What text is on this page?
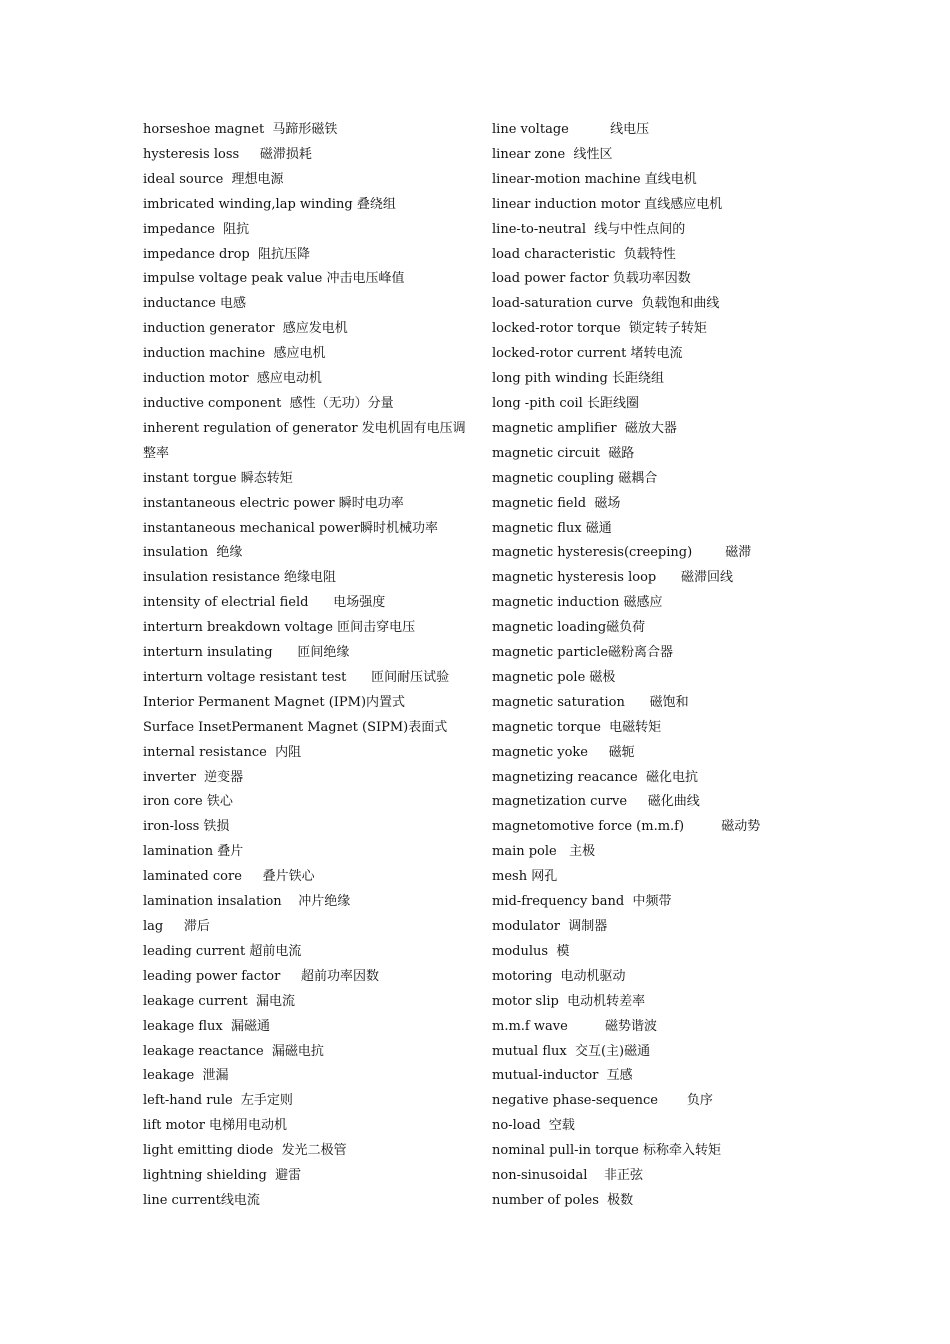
horseshoe magnet  马蹄形磁铁
hysteresis loss     磁滞损耗
ideal source  理想电源
imbricated winding,lap winding 叠绕组
impedance  阻抗
impedance drop  阻抗压降
impulse voltage peak value 冲击电压峰值
inductance 电感
induction generator  感应发电机
induction machine  感应电机
induction motor  感应电动机
inductive component  感性（无功）分量
inherent regulation of generator 发电机固有电压调整率
instant torgue 瞬态转矩
instantaneous electric power 瞬时电功率
instantaneous mechanical power瞬时机械功率
insulation  绝缘
insulation resistance 绝缘电阻
intensity of electrial field      电场强度
interturn breakdown voltage 匝间击穿电压
interturn insulating      匝间绝缘
interturn voltage resistant test      匝间耐压试验
Interior Permanent Magnet (IPM)内置式
Surface InsetPermanent Magnet (SIPM)表面式
internal resistance  内阻
inverter  逆变器
iron core 铁心
iron-loss 铁损
lamination 叠片
laminated core     叠片铁心
lamination insalation    冲片绝缘
lag     滞后
leading current 超前电流
leading power factor     超前功率因数
leakage current  漏电流
leakage flux  漏磁通
leakage reactance  漏磁电抗
leakage  泄漏
left-hand rule  左手定则
lift motor 电梯用电动机
light emitting diode  发光二极管
lightning shielding  避雷
line current线电流
line voltage          线电压
linear zone  线性区
linear-motion machine 直线电机
linear induction motor 直线感应电机
line-to-neutral  线与中性点间的
load characteristic  负载特性
load power factor 负载功率因数
load-saturation curve  负载饱和曲线
locked-rotor torque  锁定转子转矩
locked-rotor current 堵转电流
long pith winding 长距绕组
long -pith coil 长距线圈
magnetic amplifier  磁放大器
magnetic circuit  磁路
magnetic coupling 磁耦合
magnetic field  磁场
magnetic flux 磁通
magnetic hysteresis(creeping)        磁滞
magnetic hysteresis loop      磁滞回线
magnetic induction 磁感应
magnetic loading磁负荷
magnetic particle磁粉离合器
magnetic pole 磁极
magnetic saturation      磁饱和
magnetic torque  电磁转矩
magnetic yoke     磁轭
magnetizing reacance  磁化电抗
magnetization curve     磁化曲线
magnetomotive force (m.m.f)         磁动势
main pole   主极
mesh 网孔
mid-frequency band  中频带
modulator  调制器
modulus  模
motoring  电动机驱动
motor slip  电动机转差率
m.m.f wave         磁势谐波
mutual flux  交互(主)磁通
mutual-inductor  互感
negative phase-sequence       负序
no-load  空载
nominal pull-in torque 标称牵入转矩
non-sinusoidal    非正弦
number of poles  极数
